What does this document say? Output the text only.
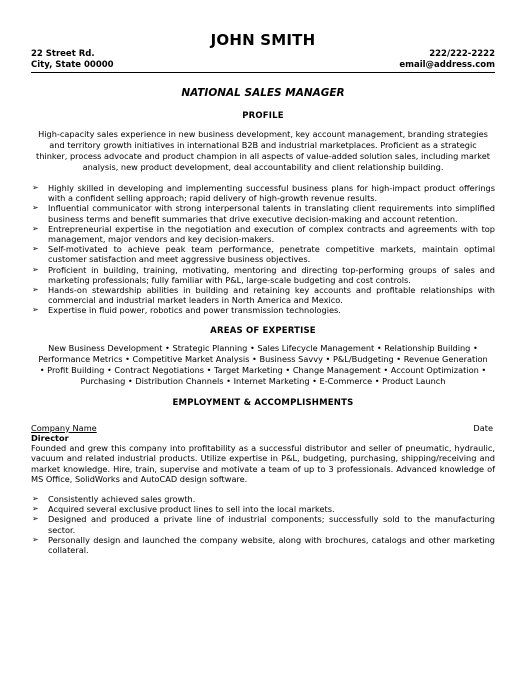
JOHN SMITH
22 Street Rd.
City, State 00000
222/222-2222
email@address.com
NATIONAL SALES MANAGER
PROFILE

High-capacity sales experience in new business development, key account management, branding strategies and territory growth initiatives in international B2B and industrial marketplaces. Proficient as a strategic thinker, process advocate and product champion in all aspects of value-added solution sales, including market analysis, new product development, deal accountability and client relationship building.

➢ Highly skilled in developing and implementing successful business plans for high-impact product offerings with a confident selling approach; rapid delivery of high-growth revenue results.
➢ Influential communicator with strong interpersonal talents in translating client requirements into simplified business terms and benefit summaries that drive executive decision-making and account retention.
➢ Entrepreneurial expertise in the negotiation and execution of complex contracts and agreements with top management, major vendors and key decision-makers.
➢ Self-motivated to achieve peak team performance, penetrate competitive markets, maintain optimal customer satisfaction and meet aggressive business objectives.
➢ Proficient in building, training, motivating, mentoring and directing top-performing groups of sales and marketing professionals; fully familiar with P&L, large-scale budgeting and cost controls.
➢ Hands-on stewardship abilities in building and retaining key accounts and profitable relationships with commercial and industrial market leaders in North America and Mexico.
➢ Expertise in fluid power, robotics and power transmission technologies.
AREAS OF EXPERTISE
New Business Development • Strategic Planning • Sales Lifecycle Management • Relationship Building •
Performance Metrics • Competitive Market Analysis • Business Savvy • P&L/Budgeting • Revenue Generation
• Profit Building • Contract Negotiations • Target Marketing • Change Management • Account Optimization •
Purchasing • Distribution Channels • Internet Marketing • E-Commerce • Product Launch
EMPLOYMENT & ACCOMPLISHMENTS
Company Name	Date
Director

Founded and grew this company into profitability as a successful distributor and seller of pneumatic, hydraulic, vacuum and related industrial products. Utilize expertise in P&L, budgeting, purchasing, shipping/receiving and market knowledge. Hire, train, supervise and motivate a team of up to 3 professionals. Advanced knowledge of MS Office, SolidWorks and AutoCAD design software.

➢ Consistently achieved sales growth.
➢ Acquired several exclusive product lines to sell into the local markets.
➢ Designed and produced a private line of industrial components; successfully sold to the manufacturing sector.
➢ Personally design and launched the company website, along with brochures, catalogs and other marketing collateral.
